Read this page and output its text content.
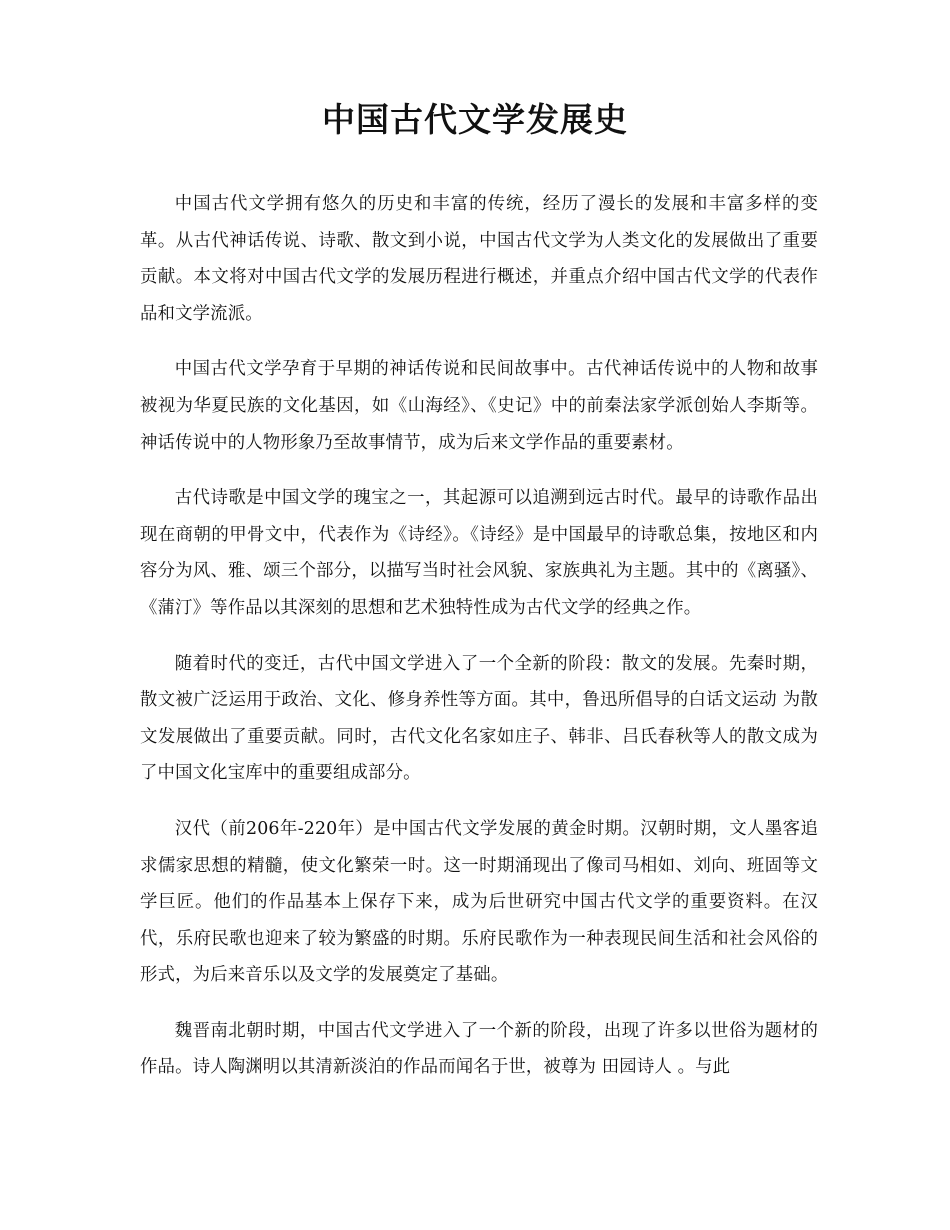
中国古代文学发展史

中国古代文学拥有悠久的历史和丰富的传统，经历了漫长的发展和丰富多样的变革。从古代神话传说、诗歌、散文到小说，中国古代文学为人类文化的发展做出了重要贡献。本文将对中国古代文学的发展历程进行概述，并重点介绍中国古代文学的代表作品和文学流派。

中国古代文学孕育于早期的神话传说和民间故事中。古代神话传说中的人物和故事被视为华夏民族的文化基因，如《山海经》、《史记》中的前秦法家学派创始人李斯等。神话传说中的人物形象乃至故事情节，成为后来文学作品的重要素材。

古代诗歌是中国文学的瑰宝之一，其起源可以追溯到远古时代。最早的诗歌作品出现在商朝的甲骨文中，代表作为《诗经》。《诗经》是中国最早的诗歌总集，按地区和内容分为风、雅、颂三个部分，以描写当时社会风貌、家族典礼为主题。其中的《离骚》、《蒲汀》等作品以其深刻的思想和艺术独特性成为古代文学的经典之作。

随着时代的变迁，古代中国文学进入了一个全新的阶段：散文的发展。先秦时期，散文被广泛运用于政治、文化、修身养性等方面。其中，鲁迅所倡导的白话文运动 为散文发展做出了重要贡献。同时，古代文化名家如庄子、韩非、吕氏春秋等人的散文成为了中国文化宝库中的重要组成部分。

汉代（前206年-220年）是中国古代文学发展的黄金时期。汉朝时期，文人墨客追求儒家思想的精髓，使文化繁荣一时。这一时期涌现出了像司马相如、刘向、班固等文学巨匠。他们的作品基本上保存下来，成为后世研究中国古代文学的重要资料。在汉代，乐府民歌也迎来了较为繁盛的时期。乐府民歌作为一种表现民间生活和社会风俗的形式，为后来音乐以及文学的发展奠定了基础。

魏晋南北朝时期，中国古代文学进入了一个新的阶段，出现了许多以世俗为题材的作品。诗人陶渊明以其清新淡泊的作品而闻名于世，被尊为 田园诗人 。与此
